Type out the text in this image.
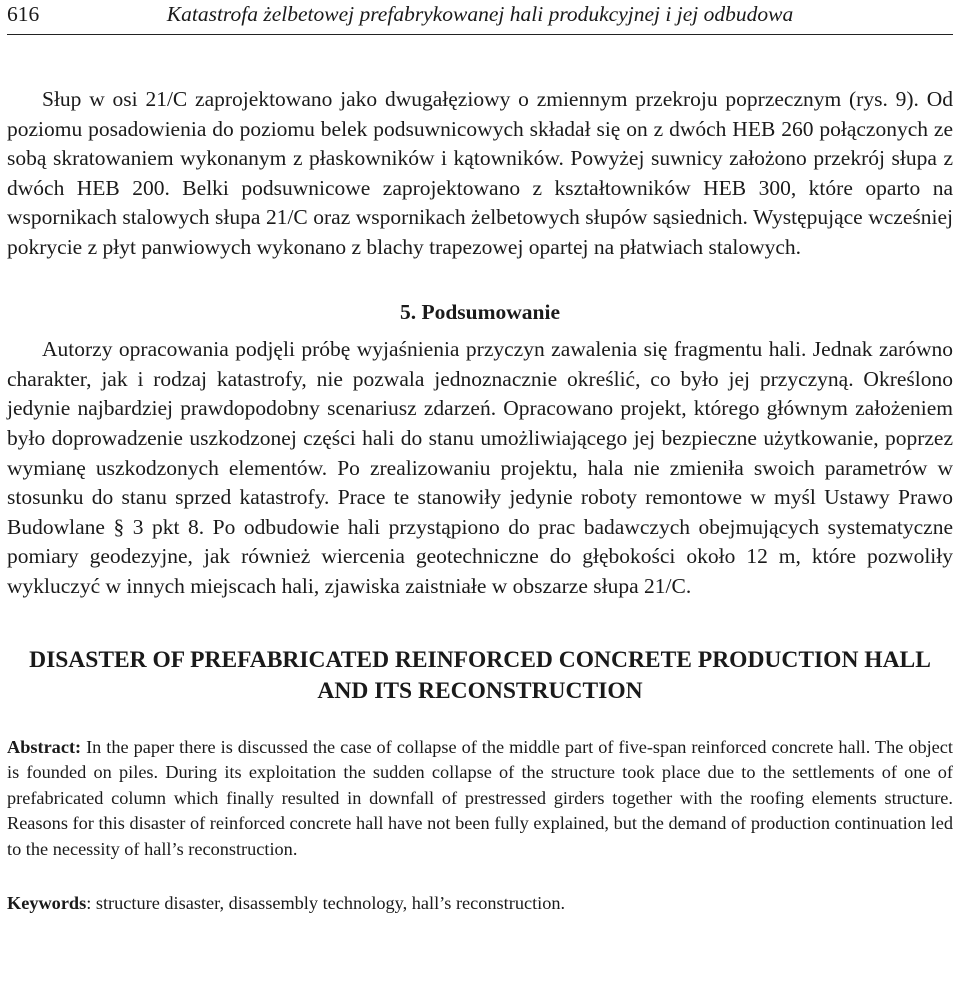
616	Katastrofa żelbetowej prefabrykowanej hali produkcyjnej i jej odbudowa

Słup w osi 21/C zaprojektowano jako dwugałęziowy o zmiennym przekroju poprzecznym (rys. 9). Od poziomu posadowienia do poziomu belek podsuwnicowych składał się on z dwóch HEB 260 połączonych ze sobą skratowaniem wykonanym z płaskowników i kątowników. Powyżej suwnicy założono przekrój słupa z dwóch HEB 200. Belki podsuwnicowe zaprojektowano z kształtowników HEB 300, które oparto na wspornikach stalowych słupa 21/C oraz wspornikach żelbetowych słupów sąsiednich. Występujące wcześniej pokrycie z płyt panwiowych wykonano z blachy trapezowej opartej na płatwiach stalowych.

5. Podsumowanie

Autorzy opracowania podjęli próbę wyjaśnienia przyczyn zawalenia się fragmentu hali. Jednak zarówno charakter, jak i rodzaj katastrofy, nie pozwala jednoznacznie określić, co było jej przyczyną. Określono jedynie najbardziej prawdopodobny scenariusz zdarzeń. Opracowano projekt, którego głównym założeniem było doprowadzenie uszkodzonej części hali do stanu umożliwiającego jej bezpieczne użytkowanie, poprzez wymianę uszkodzonych elementów. Po zrealizowaniu projektu, hala nie zmieniła swoich parametrów w stosunku do stanu sprzed katastrofy. Prace te stanowiły jedynie roboty remontowe w myśl Ustawy Prawo Budowlane § 3 pkt 8. Po odbudowie hali przystąpiono do prac badawczych obejmujących systematyczne pomiary geodezyjne, jak również wiercenia geotechniczne do głębokości około 12 m, które pozwoliły wykluczyć w innych miejscach hali, zjawiska zaistniałe w obszarze słupa 21/C.

DISASTER OF PREFABRICATED REINFORCED CONCRETE PRODUCTION HALL AND ITS RECONSTRUCTION

Abstract: In the paper there is discussed the case of collapse of the middle part of five-span reinforced concrete hall. The object is founded on piles. During its exploitation the sudden collapse of the structure took place due to the settlements of one of prefabricated column which finally resulted in downfall of prestressed girders together with the roofing elements structure. Reasons for this disaster of reinforced concrete hall have not been fully explained, but the demand of production continuation led to the necessity of hall’s reconstruction.

Keywords: structure disaster, disassembly technology, hall’s reconstruction.
